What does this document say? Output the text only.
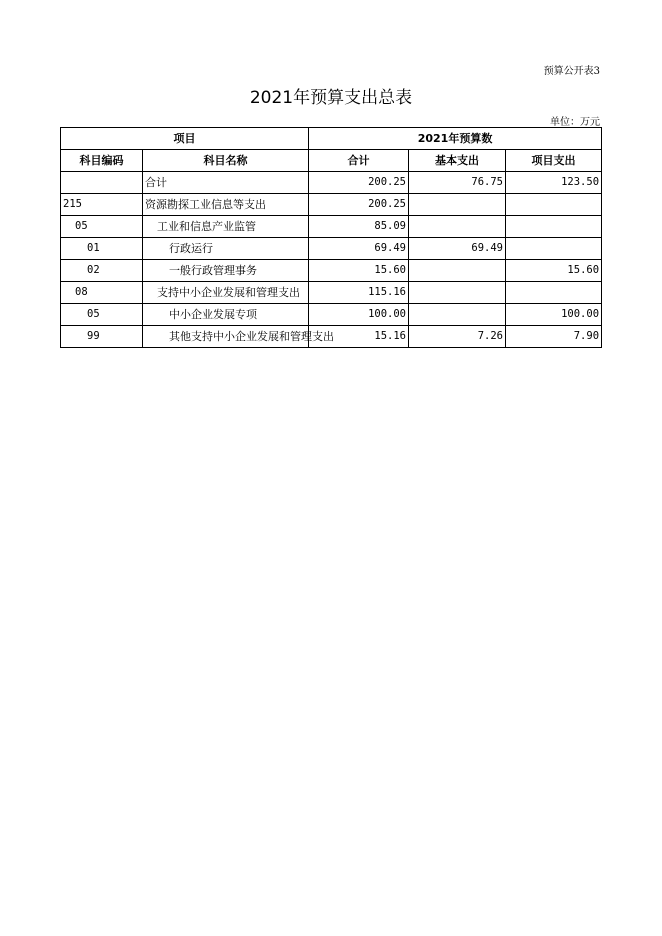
预算公开表3
2021年预算支出总表
单位：万元
项目		2021年预算数		
科目编码	科目名称	合计	基本支出	项目支出
	合计	200.25	76.75	123.50
215	资源勘探工业信息等支出	200.25		
05	工业和信息产业监管	85.09		
01	行政运行	69.49	69.49	
02	一般行政管理事务	15.60		15.60
08	支持中小企业发展和管理支出	115.16		
05	中小企业发展专项	100.00		100.00
99	其他支持中小企业发展和管理支出	15.16	7.26	7.90
